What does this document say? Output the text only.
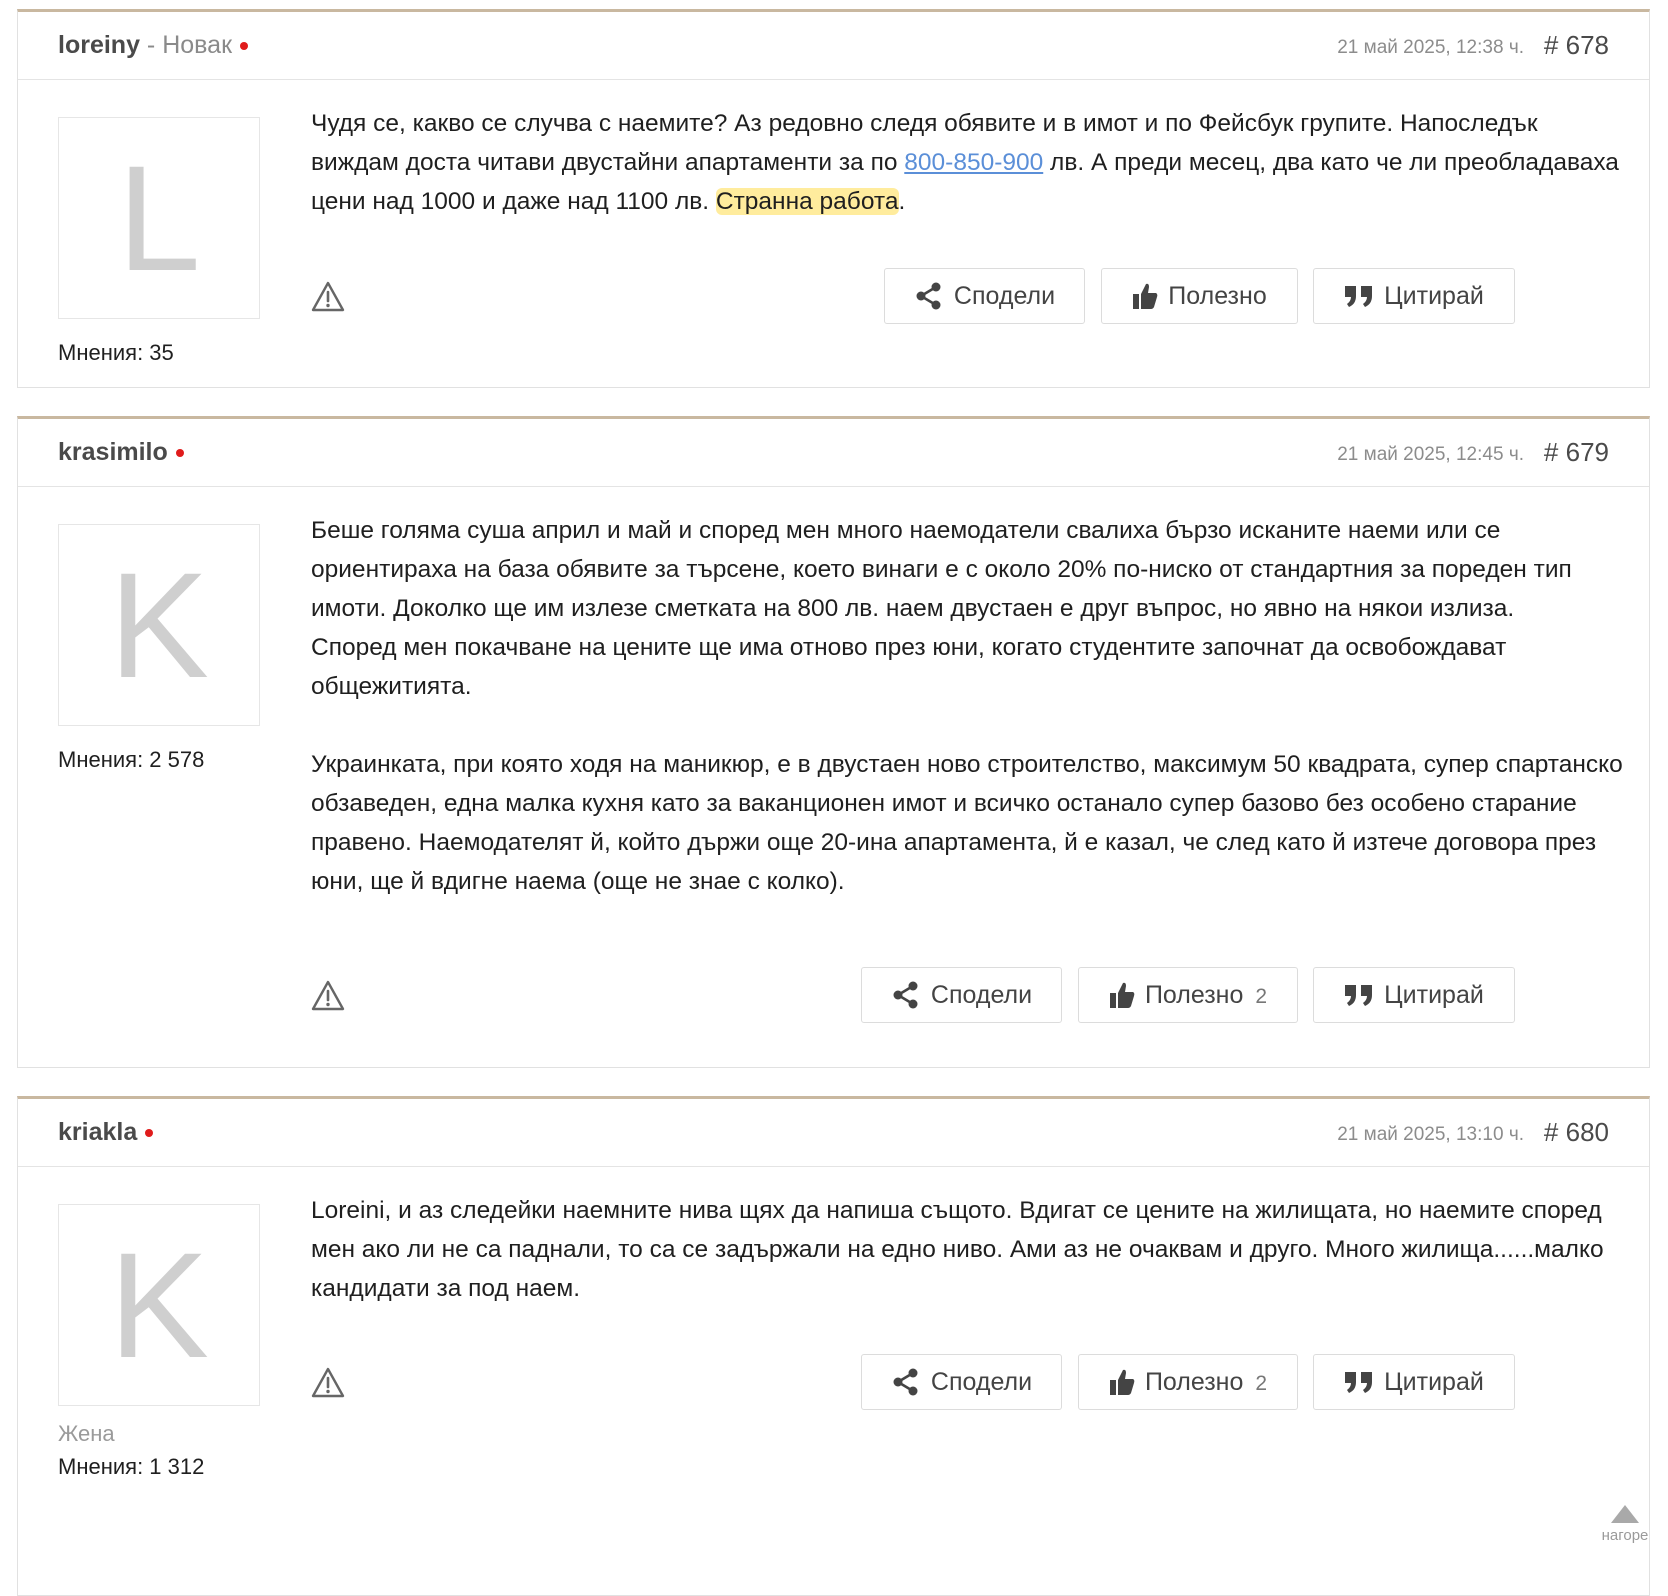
loreiny - Новак	21 май 2025, 12:38 ч. # 678
L
Мнения: 35

Чудя се, какво се случва с наемите? Аз редовно следя обявите и в имот и по Фейсбук групите. Напоследък виждам доста читави двустайни апартаменти за по 800-850-900 лв. А преди месец, два като че ли преобладаваха цени над 1000 и даже над 1100 лв. Странна работа.

Сподели	Полезно	Цитирай
krasimilo	21 май 2025, 12:45 ч. # 679
K
Мнения: 2 578

Беше голяма суша април и май и според мен много наемодатели свалиха бързо исканите наеми или се ориентираха на база обявите за търсене, което винаги е с около 20% по-ниско от стандартния за пореден тип имоти. Доколко ще им излезе сметката на 800 лв. наем двустаен е друг въпрос, но явно на някои излиза.

Според мен покачване на цените ще има отново през юни, когато студентите започнат да освобождават общежитията.

Украинката, при която ходя на маникюр, е в двустаен ново строителство, максимум 50 квадрата, супер спартанско обзаведен, една малка кухня като за ваканционен имот и всичко останало супер базово без особено старание правено. Наемодателят й, който държи още 20-ина апартамента, й е казал, че след като й изтече договора през юни, ще й вдигне наема (още не знае с колко).

Сподели	Полезно 2	Цитирай
kriakla	21 май 2025, 13:10 ч. # 680
K
Жена
Мнения: 1 312

Loreini, и аз следейки наемните нива щях да напиша същото. Вдигат се цените на жилищата, но наемите според мен ако ли не са паднали, то са се задържали на едно ниво. Ами аз не очаквам и друго. Много жилища......малко кандидати за под наем.

Сподели	Полезно 2	Цитирай
нагоре
